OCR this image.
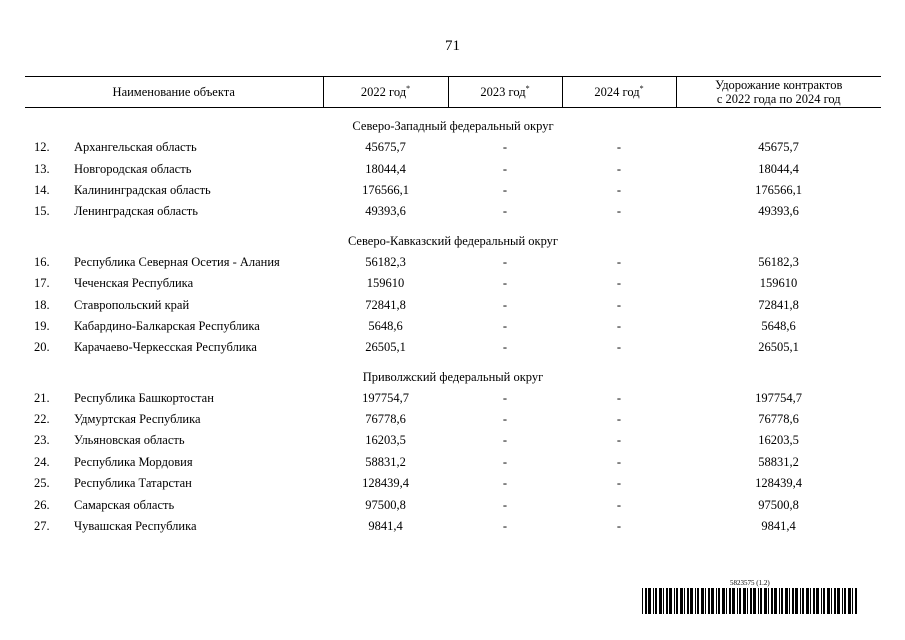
71
Наименование объекта	2022 год*	2023 год*	2024 год*	Удорожание контрактов
с 2022 года по 2024 год

Северо-Западный федеральный округ				
12. Архангельская область	45675,7	-	-	45675,7
13. Новгородская область	18044,4	-	-	18044,4
14. Калининградская область	176566,1	-	-	176566,1
15. Ленинградская область	49393,6	-	-	49393,6

Северо-Кавказский федеральный округ				
16. Республика Северная Осетия - Алания	56182,3	-	-	56182,3
17. Чеченская Республика	159610	-	-	159610
18. Ставропольский край	72841,8	-	-	72841,8
19. Кабардино-Балкарская Республика	5648,6	-	-	5648,6
20. Карачаево-Черкесская Республика	26505,1	-	-	26505,1

Приволжский федеральный округ				
21. Республика Башкортостан	197754,7	-	-	197754,7
22. Удмуртская Республика	76778,6	-	-	76778,6
23. Ульяновская область	16203,5	-	-	16203,5
24. Республика Мордовия	58831,2	-	-	58831,2
25. Республика Татарстан	128439,4	-	-	128439,4
26. Самарская область	97500,8	-	-	97500,8
27. Чувашская Республика	9841,4	-	-	9841,4
5823575 (1.2)
